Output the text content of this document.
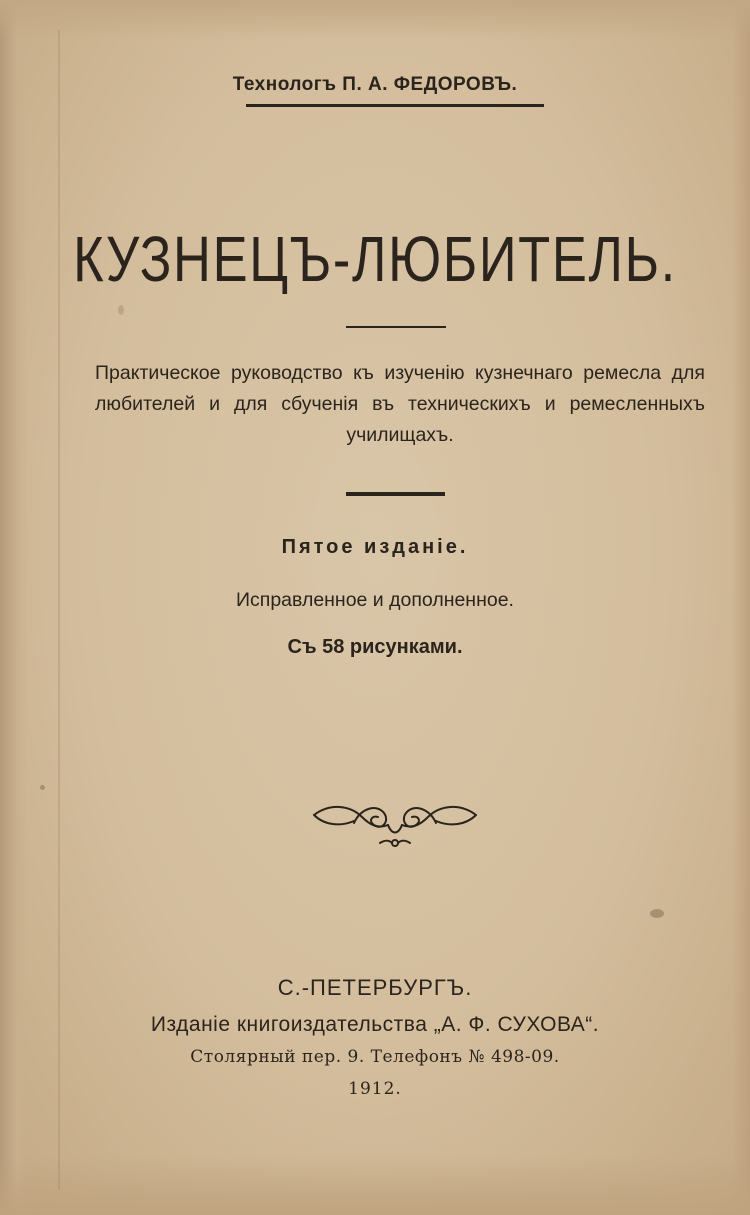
Технологъ П. А. ФЕДОРОВЪ.
КУЗНЕЦЪ-ЛЮБИТЕЛЬ.
Практическое руководство къ изученію кузнечнаго ремесла для любителей и для сбученія въ техническихъ и ремесленныхъ училищахъ.
Пятое изданіе.
Исправленное и дополненное.
Съ 58 рисунками.
С.-ПЕТЕРБУРГЪ.
Изданіе книгоиздательства „А. Ф. СУХОВА“.
Столярный пер. 9. Телефонъ № 498-09.
1912.
